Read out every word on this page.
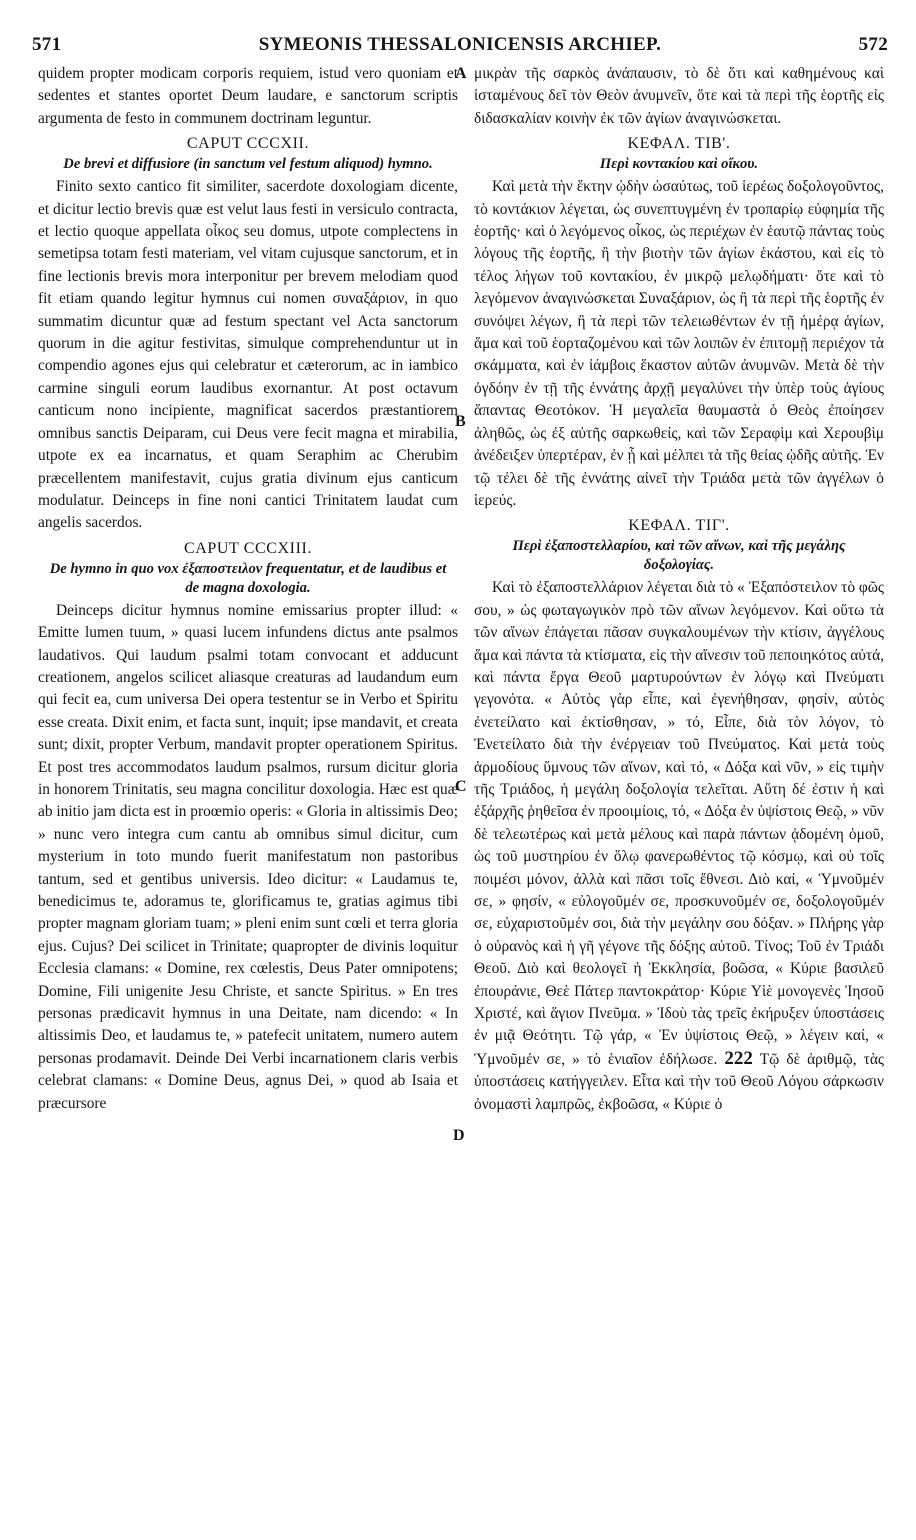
571	SYMEONIS THESSALONICENSIS ARCHIEP.	572
A
B
C
D

quidem propter modicam corporis requiem, istud vero quoniam et sedentes et stantes oportet Deum laudare, e sanctorum scriptis argumenta de festo in communem doctrinam leguntur.

CAPUT CCCXII.
De brevi et diffusiore (in sanctum vel festum aliquod) hymno.

Finito sexto cantico fit similiter, sacerdote doxologiam dicente, et dicitur lectio brevis quæ est velut laus festi in versiculo contracta, et lectio quoque appellata οἶκος seu domus, utpote complectens in semetipsa totam festi materiam, vel vitam cujusque sanctorum, et in fine lectionis brevis mora interponitur per brevem melodiam quod fit etiam quando legitur hymnus cui nomen συναξάριον, in quo summatim dicuntur quæ ad festum spectant vel Acta sanctorum quorum in die agitur festivitas, simulque comprehenduntur ut in compendio agones ejus qui celebratur et cæterorum, ac in iambico carmine singuli eorum laudibus exornantur. At post octavum canticum nono incipiente, magnificat sacerdos præstantiorem omnibus sanctis Deiparam, cui Deus vere fecit magna et mirabilia, utpote ex ea incarnatus, et quam Seraphim ac Cherubim præcellentem manifestavit, cujus gratia divinum ejus canticum modulatur. Deinceps in fine noni cantici Trinitatem laudat cum angelis sacerdos.

CAPUT CCCXIII.
De hymno in quo vox ἐξαποστειλον frequentatur, et de laudibus et de magna doxologia.

Deinceps dicitur hymnus nomine emissarius propter illud: « Emitte lumen tuum, » quasi lucem infundens dictus ante psalmos laudativos. Qui laudum psalmi totam convocant et adducunt creationem, angelos scilicet aliasque creaturas ad laudandum eum qui fecit ea, cum universa Dei opera testentur se in Verbo et Spiritu esse creata. Dixit enim, et facta sunt, inquit; ipse mandavit, et creata sunt; dixit, propter Verbum, mandavit propter operationem Spiritus. Et post tres accommodatos laudum psalmos, rursum dicitur gloria in honorem Trinitatis, seu magna concilitur doxologia. Hæc est quæ ab initio jam dicta est in proœmio operis: « Gloria in altissimis Deo; » nunc vero integra cum cantu ab omnibus simul dicitur, cum mysterium in toto mundo fuerit manifestatum non pastoribus tantum, sed et gentibus universis. Ideo dicitur: « Laudamus te, benedicimus te, adoramus te, glorificamus te, gratias agimus tibi propter magnam gloriam tuam; » pleni enim sunt cœli et terra gloria ejus. Cujus? Dei scilicet in Trinitate; quapropter de divinis loquitur Ecclesia clamans: « Domine, rex cœlestis, Deus Pater omnipotens; Domine, Fili unigenite Jesu Christe, et sancte Spiritus. » En tres personas prædicavit hymnus in una Deitate, nam dicendo: « In altissimis Deo, et laudamus te, » patefecit unitatem, numero autem personas prodamavit. Deinde Dei Verbi incarnationem claris verbis celebrat clamans: « Domine Deus, agnus Dei, » quod ab Isaia et præcursore

μικρὰν τῆς σαρκὸς ἀνάπαυσιν, τὸ δὲ ὅτι καὶ καθημένους καὶ ἱσταμένους δεῖ τὸν Θεὸν ἀνυμνεῖν, ὅτε καὶ τὰ περὶ τῆς ἑορτῆς εἰς διδασκαλίαν κοινὴν ἐκ τῶν ἁγίων ἀναγινώσκεται.

ΚΕΦΑΛ. ΤΙΒ'.
Περὶ κοντακίου καὶ οἴκου.

Καὶ μετὰ τὴν ἕκτην ᾠδὴν ὡσαύτως, τοῦ ἱερέως δοξολογοῦντος, τὸ κοντάκιον λέγεται, ὡς συνεπτυγμένη ἐν τροπαρίῳ εὐφημία τῆς ἑορτῆς· καὶ ὁ λεγόμενος οἶκος, ὡς περιέχων ἐν ἑαυτῷ πάντας τοὺς λόγους τῆς ἑορτῆς, ἢ τὴν βιοτὴν τῶν ἁγίων ἑκάστου, καὶ εἰς τὸ τέλος λήγων τοῦ κοντακίου, ἐν μικρῷ μελῳδήματι· ὅτε καὶ τὸ λεγόμενον ἀναγινώσκεται Συναξάριον, ὡς ἢ τὰ περὶ τῆς ἑορτῆς ἐν συνόψει λέγων, ἢ τὰ περὶ τῶν τελειωθέντων ἐν τῇ ἡμέρᾳ ἁγίων, ἅμα καὶ τοῦ ἑορταζομένου καὶ τῶν λοιπῶν ἐν ἐπιτομῇ περιέχον τὰ σκάμματα, καὶ ἐν ἰάμβοις ἕκαστον αὐτῶν ἀνυμνῶν. Μετὰ δὲ τὴν ὀγδόην ἐν τῇ τῆς ἐννάτης ἀρχῇ μεγαλύνει τὴν ὑπὲρ τοὺς ἁγίους ἅπαντας Θεοτόκον. Ἡ μεγαλεῖα θαυμαστὰ ὁ Θεὸς ἐποίησεν ἀληθῶς, ὡς ἐξ αὐτῆς σαρκωθείς, καὶ τῶν Σεραφὶμ καὶ Χερουβὶμ ἀνέδειξεν ὑπερτέραν, ἐν ᾗ καὶ μέλπει τὰ τῆς θείας ᾠδῆς αὐτῆς. Ἐν τῷ τέλει δὲ τῆς ἐννάτης αἰνεῖ τὴν Τριάδα μετὰ τῶν ἀγγέλων ὁ ἱερεύς.

ΚΕΦΑΛ. ΤΙΓ'.
Περὶ ἐξαποστελλαρίου, καὶ τῶν αἴνων, καὶ τῆς μεγάλης δοξολογίας.

Καὶ τὸ ἐξαποστελλάριον λέγεται διὰ τὸ « Ἐξαπόστειλον τὸ φῶς σου, » ὡς φωταγωγικὸν πρὸ τῶν αἴνων λεγόμενον. Καὶ οὕτω τὰ τῶν αἴνων ἐπάγεται πᾶσαν συγκαλουμένων τὴν κτίσιν, ἀγγέλους ἅμα καὶ πάντα τὰ κτίσματα, εἰς τὴν αἴνεσιν τοῦ πεποιηκότος αὐτά, καὶ πάντα ἔργα Θεοῦ μαρτυρούντων ἐν λόγῳ καὶ Πνεύματι γεγονότα. « Αὐτὸς γὰρ εἶπε, καὶ ἐγενήθησαν, φησίν, αὐτὸς ἐνετείλατο καὶ ἐκτίσθησαν, » τό, Εἶπε, διὰ τὸν λόγον, τὸ Ἐνετείλατο διὰ τὴν ἐνέργειαν τοῦ Πνεύματος. Καὶ μετὰ τοὺς ἁρμοδίους ὕμνους τῶν αἴνων, καὶ τό, « Δόξα καὶ νῦν, » εἰς τιμὴν τῆς Τριάδος, ἡ μεγάλη δοξολογία τελεῖται. Αὕτη δέ ἐστιν ἡ καὶ ἐξάρχῆς ῥηθεῖσα ἐν προοιμίοις, τό, « Δόξα ἐν ὑψίστοις Θεῷ, » νῦν δὲ τελεωτέρως καὶ μετὰ μέλους καὶ παρὰ πάντων ᾀδομένη ὁμοῦ, ὡς τοῦ μυστηρίου ἐν ὅλῳ φανερωθέντος τῷ κόσμῳ, καὶ οὐ τοῖς ποιμέσι μόνον, ἀλλὰ καὶ πᾶσι τοῖς ἔθνεσι. Διὸ καί, « Ὑμνοῦμέν σε, » φησίν, « εὐλογοῦμέν σε, προσκυνοῦμέν σε, δοξολογοῦμέν σε, εὐχαριστοῦμέν σοι, διὰ τὴν μεγάλην σου δόξαν. » Πλήρης γὰρ ὁ οὐρανὸς καὶ ἡ γῆ γέγονε τῆς δόξης αὐτοῦ. Τίνος; Τοῦ ἐν Τριάδι Θεοῦ. Διὸ καὶ θεολογεῖ ἡ Ἐκκλησία, βοῶσα, « Κύριε βασιλεῦ ἐπουράνιε, Θεὲ Πάτερ παντοκράτορ· Κύριε Υἱὲ μονογενὲς Ἰησοῦ Χριστέ, καὶ ἅγιον Πνεῦμα. » Ἰδοὺ τὰς τρεῖς ἐκήρυξεν ὑποστάσεις ἐν μιᾷ Θεότητι. Τῷ γάρ, « Ἐν ὑψίστοις Θεῷ, » λέγειν καί, « Ὑμνοῦμέν σε, » τὸ ἑνιαῖον ἐδήλωσε. 222 Τῷ δὲ ἀριθμῷ, τὰς ὑποστάσεις κατήγγειλεν. Εἶτα καὶ τὴν τοῦ Θεοῦ Λόγου σάρκωσιν ὀνομαστὶ λαμπρῶς, ἐκβοῶσα, « Κύριε ὁ
